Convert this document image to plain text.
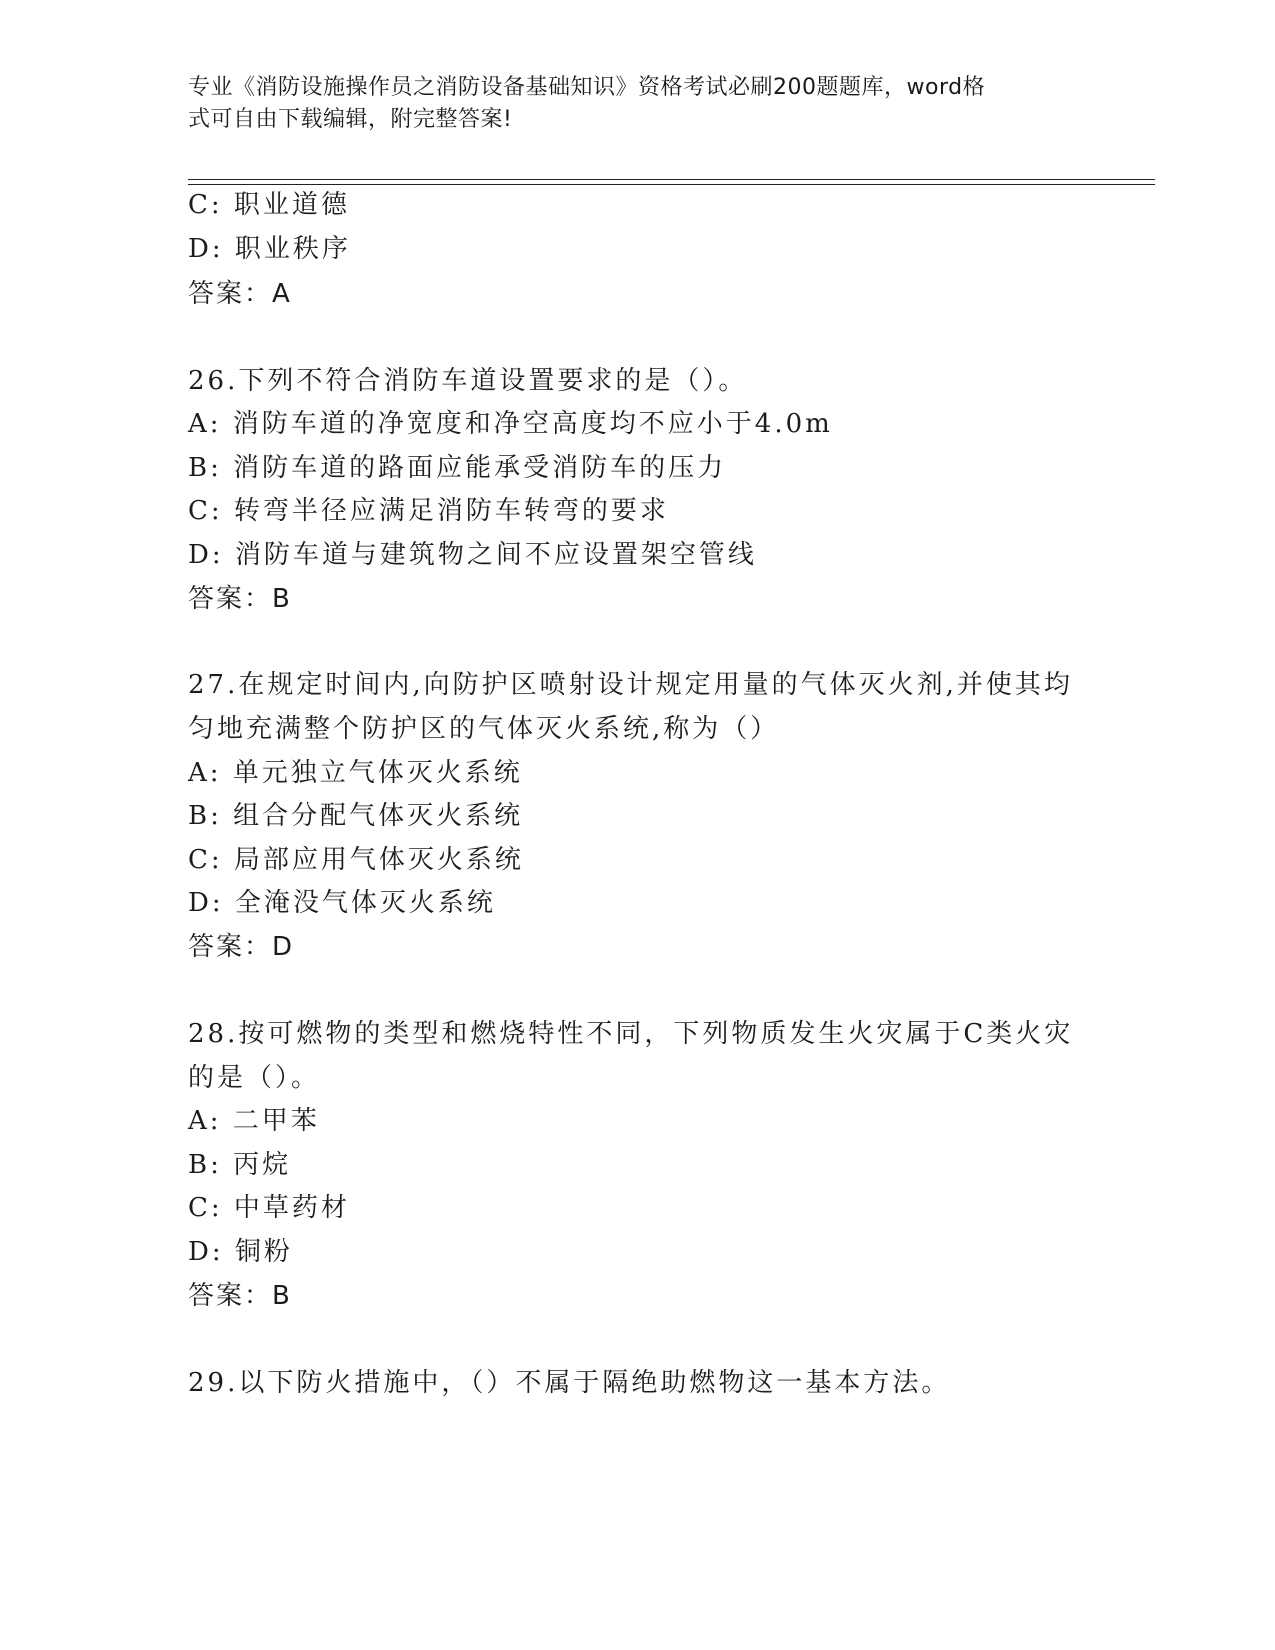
专业《消防设施操作员之消防设备基础知识》资格考试必刷200题题库，word格
式可自由下载编辑，附完整答案!
C: 职业道德
D: 职业秩序
答案：A
26.下列不符合消防车道设置要求的是（）。
A: 消防车道的净宽度和净空高度均不应小于4.0m
B: 消防车道的路面应能承受消防车的压力
C: 转弯半径应满足消防车转弯的要求
D: 消防车道与建筑物之间不应设置架空管线
答案：B
27.在规定时间内,向防护区喷射设计规定用量的气体灭火剂,并使其均
匀地充满整个防护区的气体灭火系统,称为（）
A: 单元独立气体灭火系统
B: 组合分配气体灭火系统
C: 局部应用气体灭火系统
D: 全淹没气体灭火系统
答案：D
28.按可燃物的类型和燃烧特性不同，下列物质发生火灾属于C类火灾
的是（）。
A: 二甲苯
B: 丙烷
C: 中草药材
D: 铜粉
答案：B
29.以下防火措施中，（）不属于隔绝助燃物这一基本方法。
